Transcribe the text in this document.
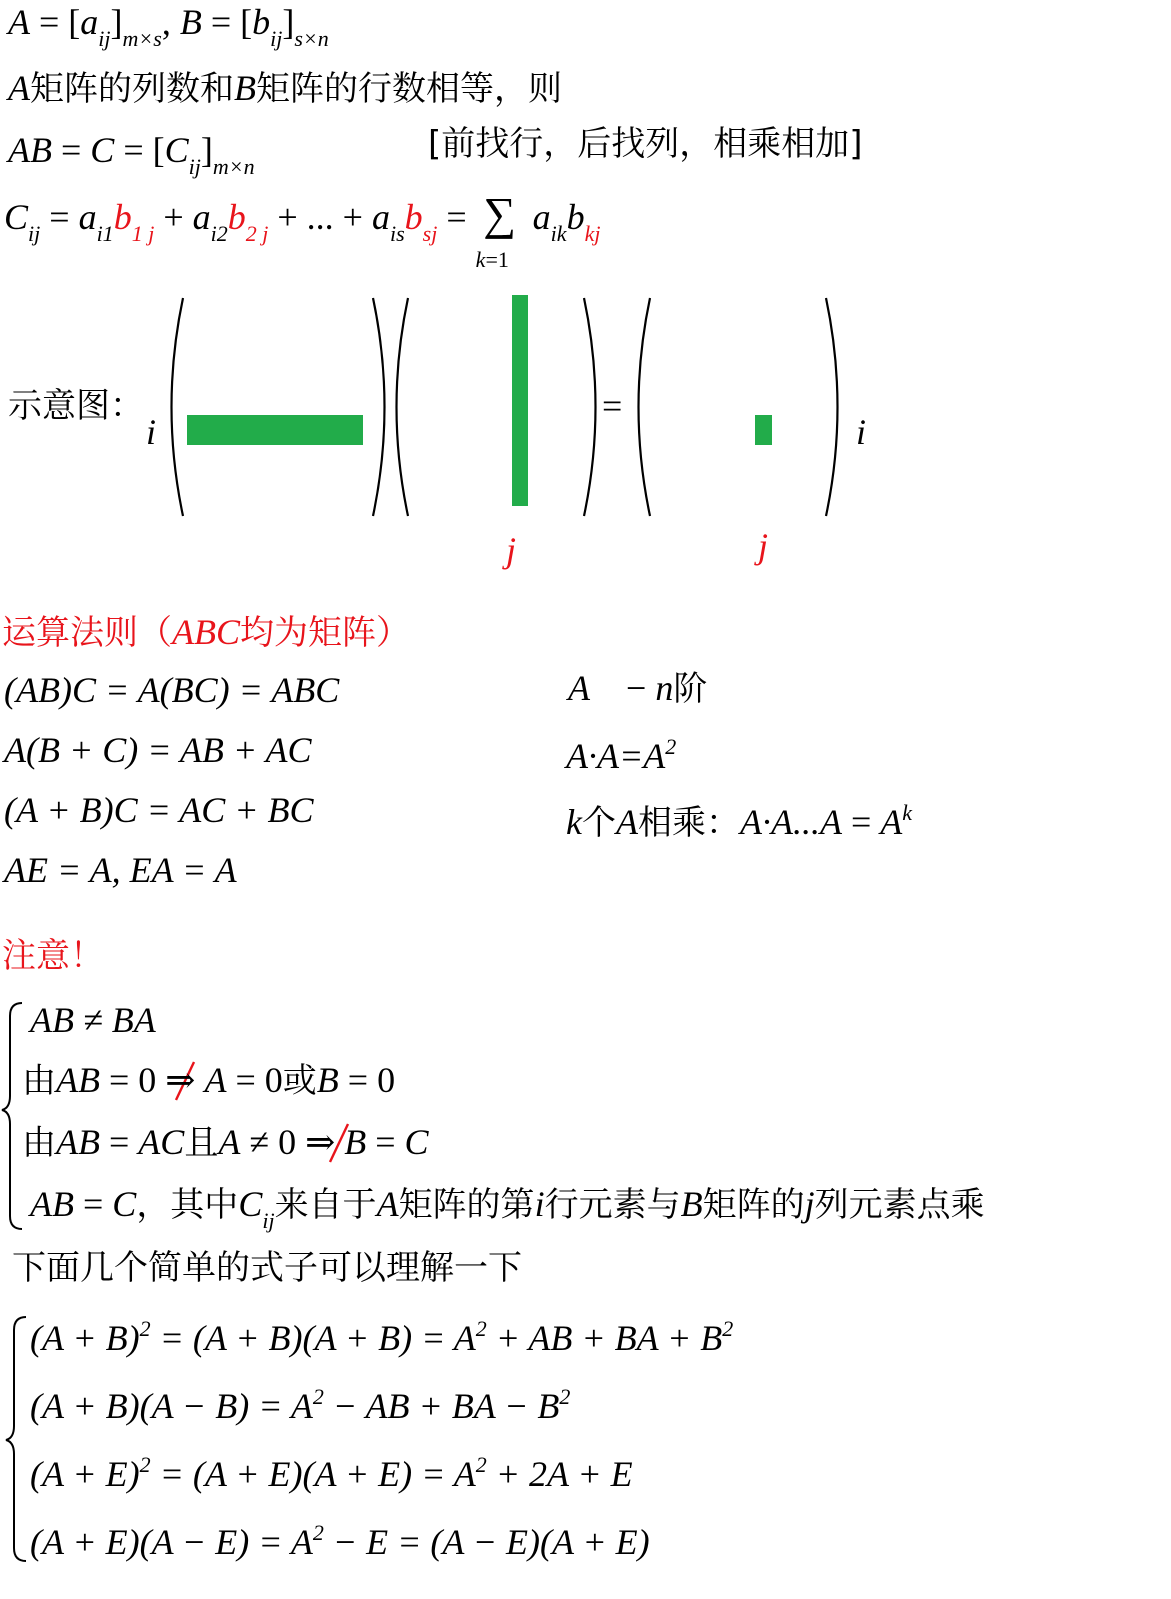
$A = [a_{ij}]_{m\times s}$, $B = [b_{ij}]_{s\times n}$
A矩阵的列数和B矩阵的行数相等，则
AB = $C = [C_{ij}]_{m\times n}$
[前找行，后找列，相乘相加]
$C_{ij} = a_{i1}b_{1 j} + a_{i2}b_{2 j}$ + ... + $a_{is}b_{sj}$ = ∑
k=1
$a_{ik}b_{kj}$
示意图：
i	i
=
j	j
运算法则（ABC均为矩阵）
(AB)C = A(BC) = ABC
A(B + C) = AB + AC
(A + B)C = AC + BC
AE = A, EA = A
A    − n阶
$A\cdot A=A^2$
k个A相乘：$A\cdot A...A = A^k$
注意！
AB ≠ BA
由AB = 0 ⇒ A = 0或B = 0
由AB = AC且A ≠ 0 ⇒ B = C
AB = C，其中$C_{ij}$来自于A矩阵的第i行元素与B矩阵的j列元素点乘
下面几个简单的式子可以理解一下
$(A + B)^2 = (A + B)(A + B) = A^2$ + AB + BA + $B^2$
$(A + B)(A - B) = A^2$ − AB + BA − $B^2$
$(A + E)^2 = (A + E)(A + E) = A^2 + 2A + E$
$(A + E)(A - E) = A^2 - E = (A - E)(A + E)$
